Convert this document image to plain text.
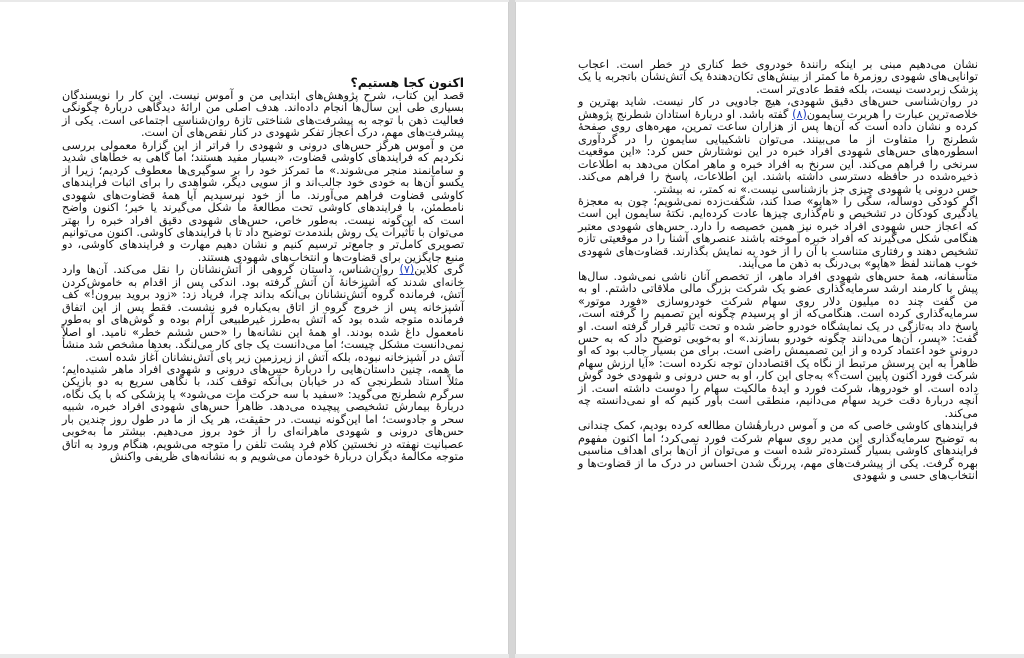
اکنون کجا هستیم؟

قصد این کتاب، شرح پژوهش‌های ابتدایی من و آموس نیست. این کار را نویسندگان بسیاری طی این سال‌ها انجام داده‌اند. هدف اصلی من ارائهٔ دیدگاهی دربارهٔ چگونگی فعالیت ذهن با توجه به پیشرفت‌های شناختی تازهٔ روان‌شناسی اجتماعی است. یکی از پیشرفت‌های مهم، درک اعجاز تفکر شهودی در کنار نقص‌های آن است.

من و آموس هرگز حس‌های درونی و شهودی را فراتر از این گزارهٔ معمولی بررسی نکردیم که فرایندهای کاوشی قضاوت، «بسیار مفید هستند؛ اما گاهی به خطاهای شدید و سامانمند منجر می‌شوند.» ما تمرکز خود را بر سوگیری‌ها معطوف کردیم؛ زیرا از یکسو آن‌ها به خودی خود جالب‌اند و از سویی دیگر، شواهدی را برای اثبات فرایندهای کاوشی قضاوت فراهم می‌آورند. ما از خود نپرسیدیم آیا همهٔ قضاوت‌های شهودی نامطمئن، با فرایندهای کاوشی تحت مطالعهٔ ما شکل می‌گیرند یا خیر؛ اکنون واضح است که این‌گونه نیست. به‌طور خاص، حس‌های شهودی دقیق افراد خبره را بهتر می‌توان با تأثیرات یک روش بلندمدت توضیح داد تا با فرایندهای کاوشی. اکنون می‌توانیم تصویری کامل‌تر و جامع‌تر ترسیم کنیم و نشان دهیم مهارت و فرایندهای کاوشی، دو منبع جایگزین برای قضاوت‌ها و انتخاب‌های شهودی هستند.

گری کلاین(۷) روان‌شناس، داستان گروهی از آتش‌نشانان را نقل می‌کند. آن‌ها وارد خانه‌ای شدند که آشپزخانهٔ آن آتش گرفته بود. اندکی پس از اقدام به خاموش‌کردن آتش، فرمانده گروه آتش‌نشانان بی‌آنکه بداند چرا، فریاد زد: «زود بروید بیرون!» کف آشپزخانه پس از خروج گروه از اتاق به‌یکباره فرو نشست. فقط پس از این اتفاق فرمانده متوجه شده بود که آتش به‌طرز غیرطبیعی آرام بوده و گوش‌های او به‌طور نامعمول داغ شده بودند. او همهٔ این نشانه‌ها را «حس ششم خطر» نامید. او اصلاً نمی‌دانست مشکل چیست؛ اما می‌دانست یک جای کار می‌لنگد. بعدها مشخص شد منشأ آتش در آشپزخانه نبوده، بلکه آتش از زیرزمین زیر پای آتش‌نشانان آغاز شده است.

ما همه، چنین داستان‌هایی را دربارهٔ حس‌های درونی و شهودی افراد ماهر شنیده‌ایم؛ مثلاً استاد شطرنجی که در خیابان بی‌آنکه توقف کند، با نگاهی سریع به دو بازیکن سرگرم شطرنج می‌گوید: «سفید با سه حرکت مات می‌شود» یا پزشکی که با یک نگاه، دربارهٔ بیمارش تشخیصی پیچیده می‌دهد. ظاهراً حس‌های شهودی افراد خبره، شبیه سحر و جادوست؛ اما این‌گونه نیست. در حقیقت، هر یک از ما در طول روز چندین بار حس‌های درونی و شهودی ماهرانه‌ای را از خود بروز می‌دهیم. بیشتر ما به‌خوبی عصبانیت نهفته در نخستین کلام فرد پشت تلفن را متوجه می‌شویم، هنگام ورود به اتاق متوجه مکالمهٔ دیگران دربارهٔ خودمان می‌شویم و به نشانه‌های ظریفی واکنش

نشان می‌دهیم مبنی بر اینکه رانندهٔ خودروی خط کناری در خطر است. اعجاب توانایی‌های شهودی روزمرهٔ ما کمتر از بینش‌های تکان‌دهندهٔ یک آتش‌نشان باتجربه یا یک پزشک زبردست نیست، بلکه فقط عادی‌تر است.

در روان‌شناسی حس‌های دقیق شهودی، هیچ جادویی در کار نیست. شاید بهترین و خلاصه‌ترین عبارت را هربرت سایمون(۸) گفته باشد. او دربارهٔ استادان شطرنج پژوهش کرده و نشان داده است که آن‌ها پس از هزاران ساعت تمرین، مهره‌های روی صفحهٔ شطرنج را متفاوت از ما می‌بینند. می‌توان ناشکیبایی سایمون را در گردآوری اسطوره‌های حس‌های شهودی افراد خبره در این نوشتارش حس کرد: «این موقعیت سرنخی را فراهم می‌کند. این سرنخ به افراد خبره و ماهر امکان می‌دهد به اطلاعات ذخیره‌شده در حافظه دسترسی داشته باشند. این اطلاعات، پاسخ را فراهم می‌کند. حس درونی یا شهودی چیزی جز بازشناسی نیست.» نه کمتر، نه بیشتر.

اگر کودکی دوساله، سگی را «هاپو» صدا کند، شگفت‌زده نمی‌شویم؛ چون به معجزهٔ یادگیری کودکان در تشخیص و نام‌گذاری چیزها عادت کرده‌ایم. نکتهٔ سایمون این است که اعجاز حس شهودی افراد خبره نیز همین خصیصه را دارد. حس‌های شهودی معتبر هنگامی شکل می‌گیرند که افراد خبره آموخته باشند عنصرهای آشنا را در موقعیتی تازه تشخیص دهند و رفتاری متناسب با آن را از خود به نمایش بگذارند. قضاوت‌های شهودی خوب همانند لفظ «هاپو» بی‌درنگ به ذهن ما می‌آیند.

متأسفانه، همهٔ حس‌های شهودی افراد ماهر، از تخصص آنان ناشی نمی‌شود. سال‌ها پیش با کارمند ارشد سرمایه‌گذاری عضو یک شرکت بزرگ مالی ملاقاتی داشتم. او به من گفت چند ده میلیون دلار روی سهام شرکت خودروسازی «فورد موتور» سرمایه‌گذاری کرده است. هنگامی‌که از او پرسیدم چگونه این تصمیم را گرفته است، پاسخ داد به‌تازگی در یک نمایشگاه خودرو حاضر شده و تحت تأثیر قرار گرفته است. او گفت: «پسر، آن‌ها می‌دانند چگونه خودرو بسازند.» او به‌خوبی توضیح داد که به حس درونی خود اعتماد کرده و از این تصمیمش راضی است. برای من بسیار جالب بود که او ظاهراً به این پرسش مرتبط از نگاه یک اقتصاددان توجه نکرده است: «آیا ارزش سهام شرکت فورد اکنون پایین است؟» به‌جای این کار، او به حس درونی و شهودی خود گوش داده است. او خودروها، شرکت فورد و ایدهٔ مالکیت سهام را دوست داشته است. از آنچه دربارهٔ دقت خرید سهام می‌دانیم، منطقی است باور کنیم که او نمی‌دانسته چه می‌کند.

فرایندهای کاوشی خاصی که من و آموس دربارهٔشان مطالعه کرده بودیم، کمک چندانی به توضیح سرمایه‌گذاری این مدیر روی سهام شرکت فورد نمی‌کرد؛ اما اکنون مفهوم فرایندهای کاوشی بسیار گسترده‌تر شده است و می‌توان از آن‌ها برای اهداف مناسبی بهره گرفت. یکی از پیشرفت‌های مهم، پررنگ شدن احساس در درک ما از قضاوت‌ها و انتخاب‌های حسی و شهودی
